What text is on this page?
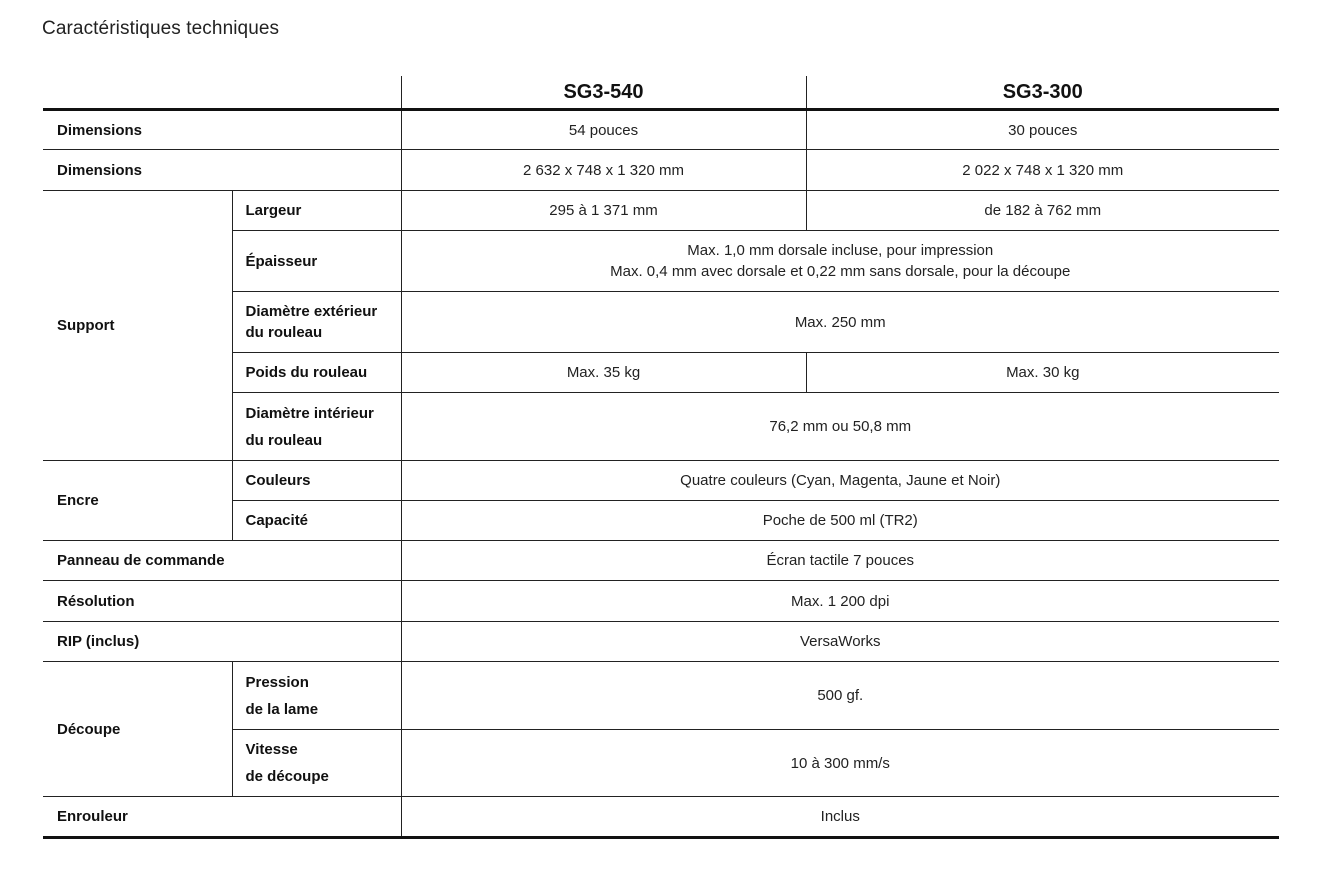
Caractéristiques techniques
		SG3-540	SG3-300
Dimensions		54 pouces	30 pouces
Dimensions		2 632 x 748 x 1 320 mm	2 022 x 748 x 1 320 mm
Support	Largeur	295 à 1 371 mm	de 182 à 762 mm
	Épaisseur	Max. 1,0 mm dorsale incluse, pour impression
Max. 0,4 mm avec dorsale et 0,22 mm sans dorsale, pour la découpe	

	Diamètre extérieur
du rouleau	Max. 250 mm	
	Poids du rouleau	Max. 35 kg	Max. 30 kg

	Diamètre intérieur
du rouleau	76,2 mm ou 50,8 mm	
Encre	Couleurs	Quatre couleurs (Cyan, Magenta, Jaune et Noir)	
	Capacité	Poche de 500 ml (TR2)	
Panneau de commande		Écran tactile 7 pouces	
Résolution		Max. 1 200 dpi	
RIP (inclus)		VersaWorks	
Découpe	Pression
de la lame	500 gf.	

	Vitesse
de découpe	10 à 300 mm/s	
Enrouleur		Inclus	
